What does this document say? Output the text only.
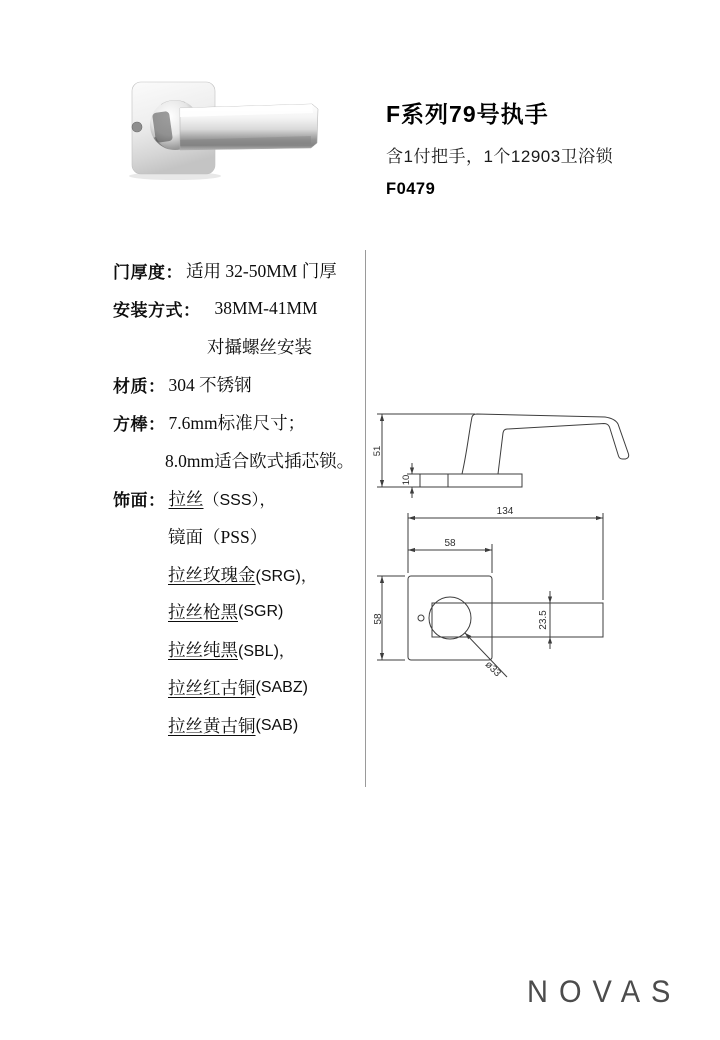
F系列79号执手
含1付把手，1个12903卫浴锁
F0479
门厚度： 适用 32-50MM 门厚
安装方式： 38MM-41MM
对攝螺丝安装
材质： 304 不锈钢
方棒： 7.6mm标准尺寸；
8.0mm适合欧式插芯锁。
饰面： 拉丝 （SSS），
镜面（PSS）
拉丝玫瑰金 (SRG)，
拉丝枪黑 (SGR)
拉丝纯黑 (SBL)，
拉丝红古铜 (SABZ)
拉丝黄古铜 (SAB)
51
10
134
58
58	23.5
ø33
NOVAS
